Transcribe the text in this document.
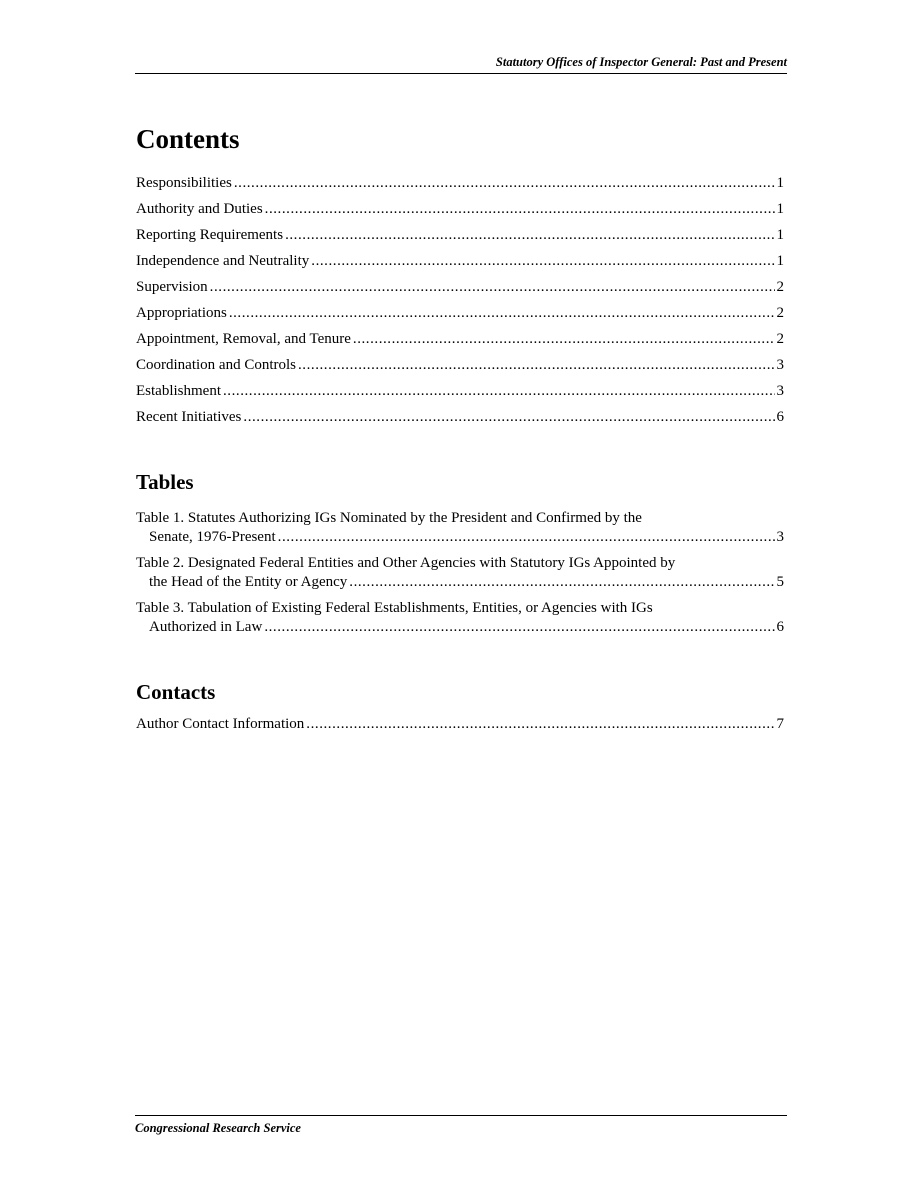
Statutory Offices of Inspector General: Past and Present
Contents
Responsibilities . . .	1
Authority and Duties . . .	1
Reporting Requirements . . .	1
Independence and Neutrality . . .	1
Supervision . . .	2
Appropriations . . .	2
Appointment, Removal, and Tenure . . .	2
Coordination and Controls . . .	3
Establishment . . .	3
Recent Initiatives . . .	6
Tables
Table 1. Statutes Authorizing IGs Nominated by the President and Confirmed by the
Senate, 1976-Present . . .	3
Table 2. Designated Federal Entities and Other Agencies with Statutory IGs Appointed by
the Head of the Entity or Agency . . .	5
Table 3. Tabulation of Existing Federal Establishments, Entities, or Agencies with IGs
Authorized in Law . . .	6
Contacts
Author Contact Information . . .	7
Congressional Research Service
